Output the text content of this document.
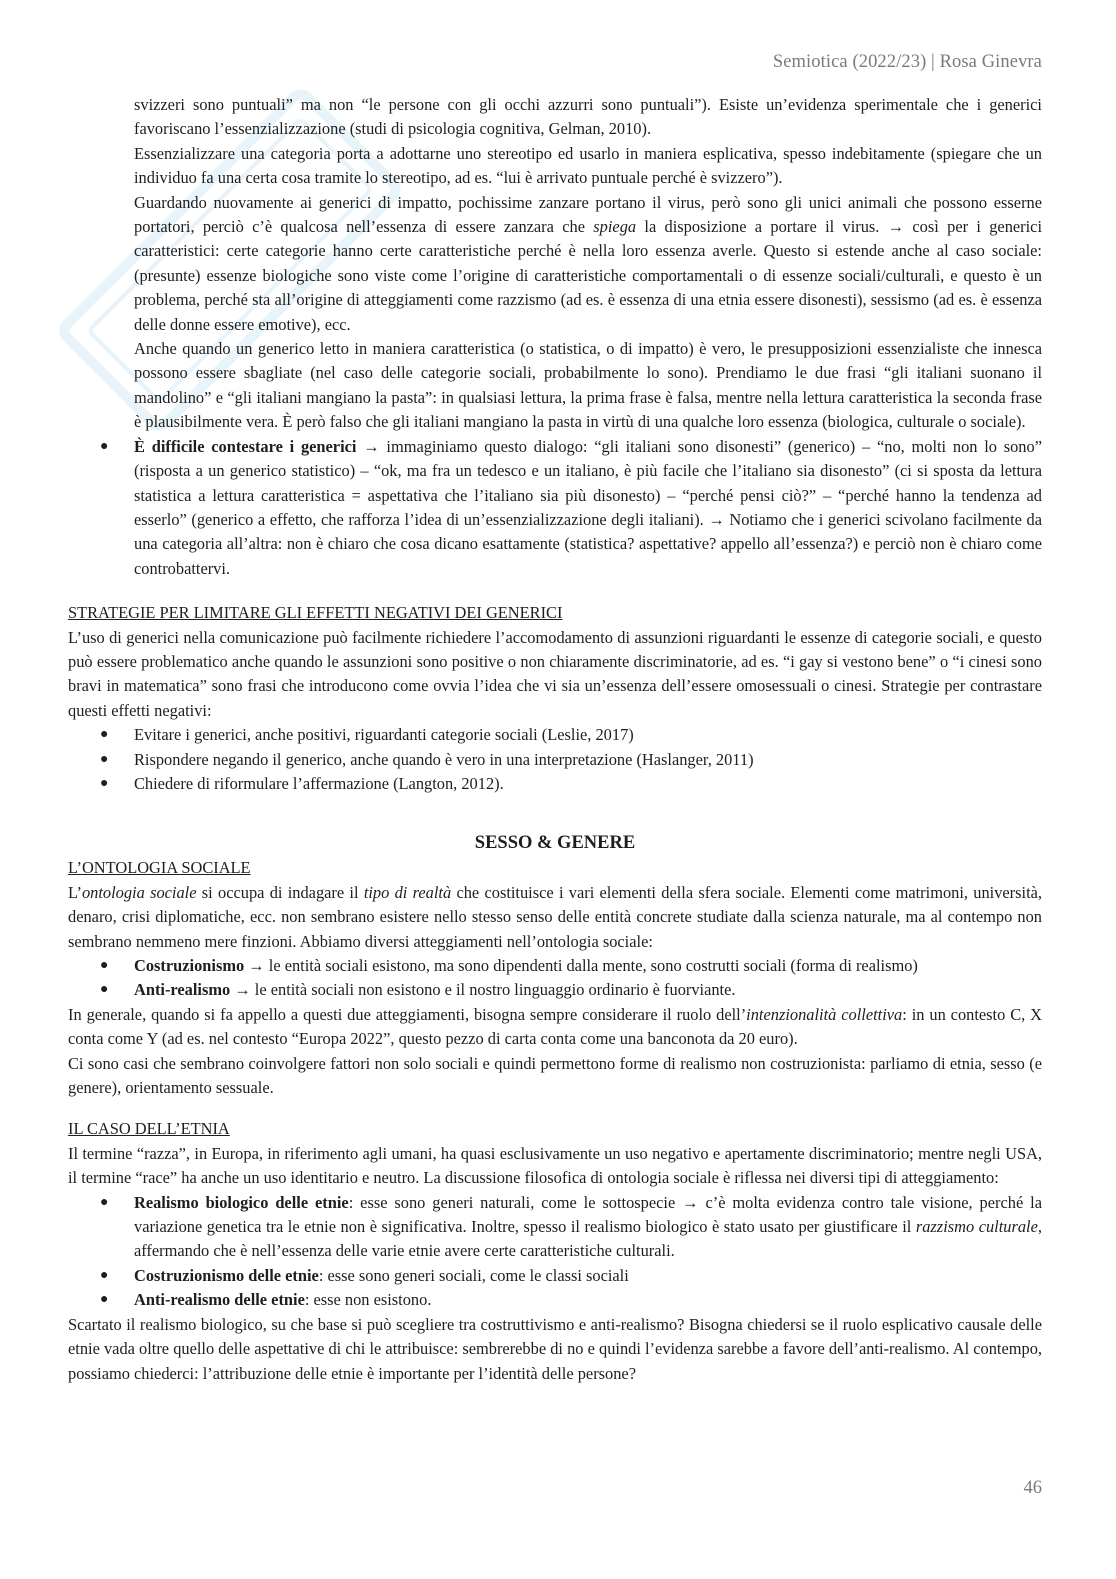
Semiotica (2022/23) | Rosa Ginevra

svizzeri sono puntuali” ma non “le persone con gli occhi azzurri sono puntuali”). Esiste un’evidenza sperimentale che i generici favoriscano l’essenzializzazione (studi di psicologia cognitiva, Gelman, 2010).

Essenzializzare una categoria porta a adottarne uno stereotipo ed usarlo in maniera esplicativa, spesso indebitamente (spiegare che un individuo fa una certa cosa tramite lo stereotipo, ad es. “lui è arrivato puntuale perché è svizzero”).

Guardando nuovamente ai generici di impatto, pochissime zanzare portano il virus, però sono gli unici animali che possono esserne portatori, perciò c’è qualcosa nell’essenza di essere zanzara che spiega la disposizione a portare il virus. → così per i generici caratteristici: certe categorie hanno certe caratteristiche perché è nella loro essenza averle. Questo si estende anche al caso sociale: (presunte) essenze biologiche sono viste come l’origine di caratteristiche comportamentali o di essenze sociali/culturali, e questo è un problema, perché sta all’origine di atteggiamenti come razzismo (ad es. è essenza di una etnia essere disonesti), sessismo (ad es. è essenza delle donne essere emotive), ecc.

Anche quando un generico letto in maniera caratteristica (o statistica, o di impatto) è vero, le presupposizioni essenzialiste che innesca possono essere sbagliate (nel caso delle categorie sociali, probabilmente lo sono). Prendiamo le due frasi “gli italiani suonano il mandolino” e “gli italiani mangiano la pasta”: in qualsiasi lettura, la prima frase è falsa, mentre nella lettura caratteristica la seconda frase è plausibilmente vera. È però falso che gli italiani mangiano la pasta in virtù di una qualche loro essenza (biologica, culturale o sociale).

● È difficile contestare i generici → immaginiamo questo dialogo: “gli italiani sono disonesti” (generico) – “no, molti non lo sono” (risposta a un generico statistico) – “ok, ma fra un tedesco e un italiano, è più facile che l’italiano sia disonesto” (ci si sposta da lettura statistica a lettura caratteristica = aspettativa che l’italiano sia più disonesto) – “perché pensi ciò?” – “perché hanno la tendenza ad esserlo” (generico a effetto, che rafforza l’idea di un’essenzializzazione degli italiani). → Notiamo che i generici scivolano facilmente da una categoria all’altra: non è chiaro che cosa dicano esattamente (statistica? aspettative? appello all’essenza?) e perciò non è chiaro come controbattervi.

STRATEGIE PER LIMITARE GLI EFFETTI NEGATIVI DEI GENERICI

L’uso di generici nella comunicazione può facilmente richiedere l’accomodamento di assunzioni riguardanti le essenze di categorie sociali, e questo può essere problematico anche quando le assunzioni sono positive o non chiaramente discriminatorie, ad es. “i gay si vestono bene” o “i cinesi sono bravi in matematica” sono frasi che introducono come ovvia l’idea che vi sia un’essenza dell’essere omosessuali o cinesi. Strategie per contrastare questi effetti negativi:

● Evitare i generici, anche positivi, riguardanti categorie sociali (Leslie, 2017)
● Rispondere negando il generico, anche quando è vero in una interpretazione (Haslanger, 2011)
● Chiedere di riformulare l’affermazione (Langton, 2012).

SESSO & GENERE

L’ONTOLOGIA SOCIALE

L’ontologia sociale si occupa di indagare il tipo di realtà che costituisce i vari elementi della sfera sociale. Elementi come matrimoni, università, denaro, crisi diplomatiche, ecc. non sembrano esistere nello stesso senso delle entità concrete studiate dalla scienza naturale, ma al contempo non sembrano nemmeno mere finzioni. Abbiamo diversi atteggiamenti nell’ontologia sociale:

● Costruzionismo → le entità sociali esistono, ma sono dipendenti dalla mente, sono costrutti sociali (forma di realismo)
● Anti-realismo → le entità sociali non esistono e il nostro linguaggio ordinario è fuorviante.

In generale, quando si fa appello a questi due atteggiamenti, bisogna sempre considerare il ruolo dell’intenzionalità collettiva: in un contesto C, X conta come Y (ad es. nel contesto “Europa 2022”, questo pezzo di carta conta come una banconota da 20 euro).

Ci sono casi che sembrano coinvolgere fattori non solo sociali e quindi permettono forme di realismo non costruzionista: parliamo di etnia, sesso (e genere), orientamento sessuale.

IL CASO DELL’ETNIA

Il termine “razza”, in Europa, in riferimento agli umani, ha quasi esclusivamente un uso negativo e apertamente discriminatorio; mentre negli USA, il termine “race” ha anche un uso identitario e neutro. La discussione filosofica di ontologia sociale è riflessa nei diversi tipi di atteggiamento:

● Realismo biologico delle etnie: esse sono generi naturali, come le sottospecie → c’è molta evidenza contro tale visione, perché la variazione genetica tra le etnie non è significativa. Inoltre, spesso il realismo biologico è stato usato per giustificare il razzismo culturale, affermando che è nell’essenza delle varie etnie avere certe caratteristiche culturali.
● Costruzionismo delle etnie: esse sono generi sociali, come le classi sociali
● Anti-realismo delle etnie: esse non esistono.

Scartato il realismo biologico, su che base si può scegliere tra costruttivismo e anti-realismo? Bisogna chiedersi se il ruolo esplicativo causale delle etnie vada oltre quello delle aspettative di chi le attribuisce: sembrerebbe di no e quindi l’evidenza sarebbe a favore dell’anti-realismo. Al contempo, possiamo chiederci: l’attribuzione delle etnie è importante per l’identità delle persone?

46
